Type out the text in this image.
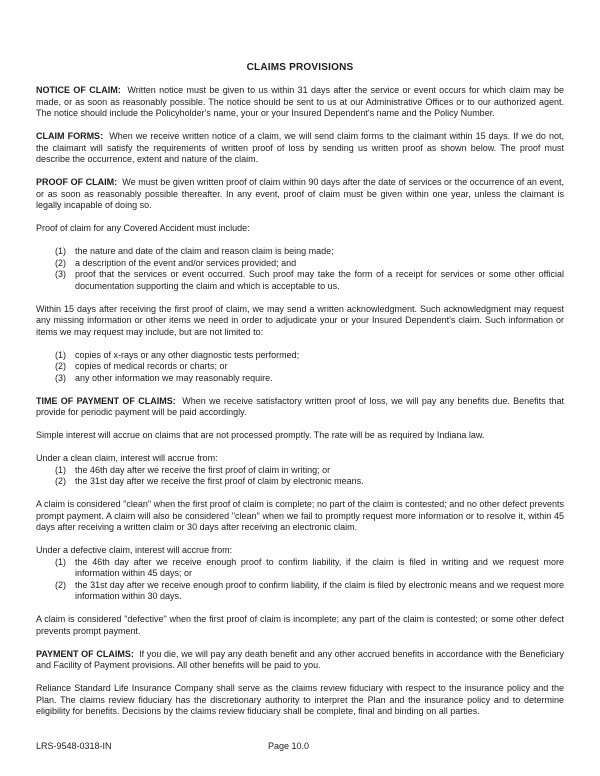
CLAIMS PROVISIONS

NOTICE OF CLAIM:  Written notice must be given to us within 31 days after the service or event occurs for which claim may be made, or as soon as reasonably possible. The notice should be sent to us at our Administrative Offices or to our authorized agent. The notice should include the Policyholder's name, your or your Insured Dependent's name and the Policy Number.

CLAIM FORMS:  When we receive written notice of a claim, we will send claim forms to the claimant within 15 days. If we do not, the claimant will satisfy the requirements of written proof of loss by sending us written proof as shown below. The proof must describe the occurrence, extent and nature of the claim.

PROOF OF CLAIM:  We must be given written proof of claim within 90 days after the date of services or the occurrence of an event, or as soon as reasonably possible thereafter. In any event, proof of claim must be given within one year, unless the claimant is legally incapable of doing so.

Proof of claim for any Covered Accident must include:

(1)	the nature and date of the claim and reason claim is being made;
(2)	a description of the event and/or services provided; and
(3)	proof that the services or event occurred. Such proof may take the form of a receipt for services or some other official documentation supporting the claim and which is acceptable to us.

Within 15 days after receiving the first proof of claim, we may send a written acknowledgment. Such acknowledgment may request any missing information or other items we need in order to adjudicate your or your Insured Dependent's claim. Such information or items we may request may include, but are not limited to:

(1)	copies of x-rays or any other diagnostic tests performed;
(2)	copies of medical records or charts; or
(3)	any other information we may reasonably require.

TIME OF PAYMENT OF CLAIMS:  When we receive satisfactory written proof of loss, we will pay any benefits due. Benefits that provide for periodic payment will be paid accordingly.

Simple interest will accrue on claims that are not processed promptly. The rate will be as required by Indiana law.

Under a clean claim, interest will accrue from:

(1)	the 46th day after we receive the first proof of claim in writing; or
(2)	the 31st day after we receive the first proof of claim by electronic means.

A claim is considered "clean" when the first proof of claim is complete; no part of the claim is contested; and no other defect prevents prompt payment. A claim will also be considered "clean" when we fail to promptly request more information or to resolve it, within 45 days after receiving a written claim or 30 days after receiving an electronic claim.

Under a defective claim, interest will accrue from:

(1)	the 46th day after we receive enough proof to confirm liability, if the claim is filed in writing and we request more information within 45 days; or
(2)	the 31st day after we receive enough proof to confirm liability, if the claim is filed by electronic means and we request more information within 30 days.

A claim is considered "defective" when the first proof of claim is incomplete; any part of the claim is contested; or some other defect prevents prompt payment.

PAYMENT OF CLAIMS:  If you die, we will pay any death benefit and any other accrued benefits in accordance with the Beneficiary and Facility of Payment provisions. All other benefits will be paid to you.

Reliance Standard Life Insurance Company shall serve as the claims review fiduciary with respect to the insurance policy and the Plan. The claims review fiduciary has the discretionary authority to interpret the Plan and the insurance policy and to determine eligibility for benefits. Decisions by the claims review fiduciary shall be complete, final and binding on all parties.

LRS-9548-0318-IN	Page 10.0
